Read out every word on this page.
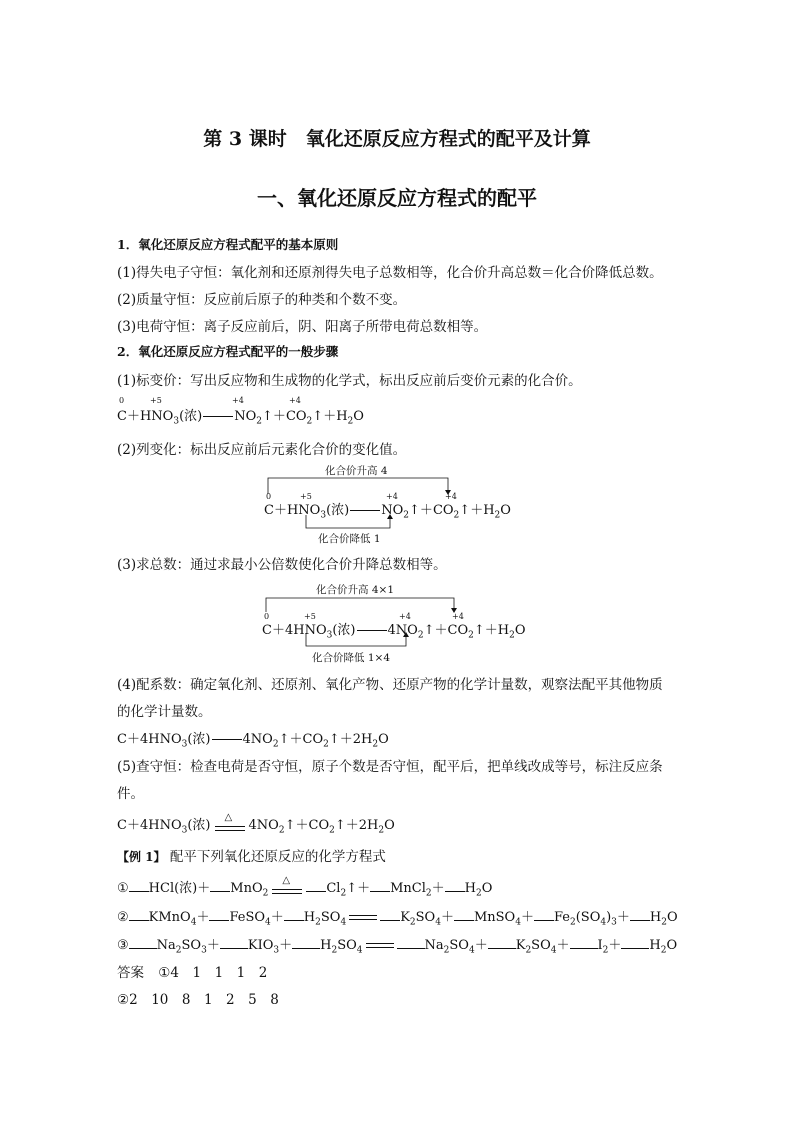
第 3 课时　氧化还原反应方程式的配平及计算
一、氧化还原反应方程式的配平
1．氧化还原反应方程式配平的基本原则
(1)得失电子守恒：氧化剂和还原剂得失电子总数相等，化合价升高总数＝化合价降低总数。
(2)质量守恒：反应前后原子的种类和个数不变。
(3)电荷守恒：离子反应前后，阴、阳离子所带电荷总数相等。
2．氧化还原反应方程式配平的一般步骤
(1)标变价：写出反应物和生成物的化学式，标出反应前后变价元素的化合价。
0	+5	+4	+4
$C+HNO_3$(浓) $NO_2↑+CO_2↑+H_2O$
(2)列变化：标出反应前后元素化合价的变化值。
化合价升高 4
0	+5	+4	+4
$C+HNO_3$(浓) $NO_2↑+CO_2↑+H_2O$
化合价降低 1
(3)求总数：通过求最小公倍数使化合价升降总数相等。
化合价升高 4×1
0	+5	+4	+4
$C+4HNO_3$(浓) $4NO_2↑+CO_2↑+H_2O$
化合价降低 1×4
(4)配系数：确定氧化剂、还原剂、氧化产物、还原产物的化学计量数，观察法配平其他物质
的化学计量数。
$C+4HNO_3$(浓) $4NO_2↑+CO_2↑+2H_2O$
(5)查守恒：检查电荷是否守恒，原子个数是否守恒，配平后，把单线改成等号，标注反应条
件。
$C+4HNO_3$(浓)
△
$4NO_2↑+CO_2↑+2H_2O$
【例 1】 配平下列氧化还原反应的化学方程式
① HCl(浓)＋ MnO$_2$
△
$Cl_2↑+$ MnCl$_2$＋ $H_2O$
② KMnO$_4$＋ FeSO$_4$＋ $H_2SO_4$	$K_2SO_4+$ MnSO$_4$＋ $Fe_2(SO_4)_3+ H_2O$
③ $Na_2SO_3+ KIO_3+ H_2SO_4$	$Na_2SO_4+ K_2SO_4+ I_2+ H_2O$
答案 ①4　1　1　1　2
②2　10　8　1　2　5　8
